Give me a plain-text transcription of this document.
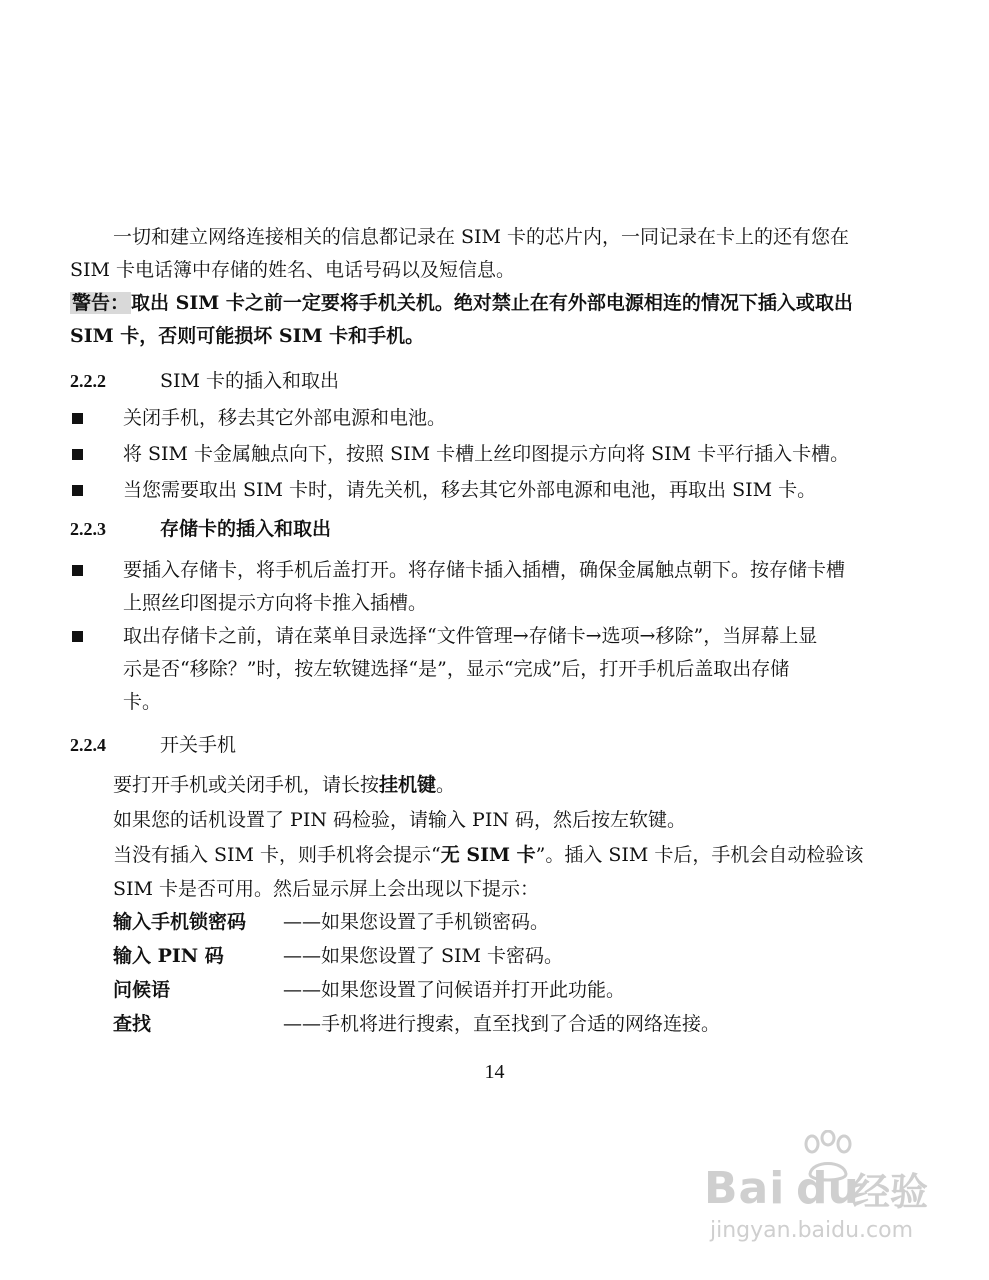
一切和建立网络连接相关的信息都记录在 SIM 卡的芯片内，一同记录在卡上的还有您在
SIM 卡电话簿中存储的姓名、电话号码以及短信息。
警告： 取出 SIM 卡之前一定要将手机关机。绝对禁止在有外部电源相连的情况下插入或取出
SIM 卡，否则可能损坏 SIM 卡和手机。
2.2.2	SIM 卡的插入和取出
关闭手机，移去其它外部电源和电池。
将 SIM 卡金属触点向下，按照 SIM 卡槽上丝印图提示方向将 SIM 卡平行插入卡槽。
当您需要取出 SIM 卡时，请先关机，移去其它外部电源和电池，再取出 SIM 卡。
2.2.3	存储卡的插入和取出
要插入存储卡，将手机后盖打开。将存储卡插入插槽，确保金属触点朝下。按存储卡槽
上照丝印图提示方向将卡推入插槽。
取出存储卡之前，请在菜单目录选择“文件管理→存储卡→选项→移除”，当屏幕上显
示是否“移除？”时，按左软键选择“是”，显示“完成”后，打开手机后盖取出存储
卡。
2.2.4	开关手机
要打开手机或关闭手机，请长按挂机键。
如果您的话机设置了 PIN 码检验，请输入 PIN 码，然后按左软键。
当没有插入 SIM 卡，则手机将会提示“无 SIM 卡”。插入 SIM 卡后，手机会自动检验该
SIM 卡是否可用。然后显示屏上会出现以下提示：
输入手机锁密码 ——如果您设置了手机锁密码。
输入 PIN 码	——如果您设置了 SIM 卡密码。
问候语	——如果您设置了问候语并打开此功能。
查找	——手机将进行搜索，直至找到了合适的网络连接。
14
Bai du
经验
jingyan.baidu.com
